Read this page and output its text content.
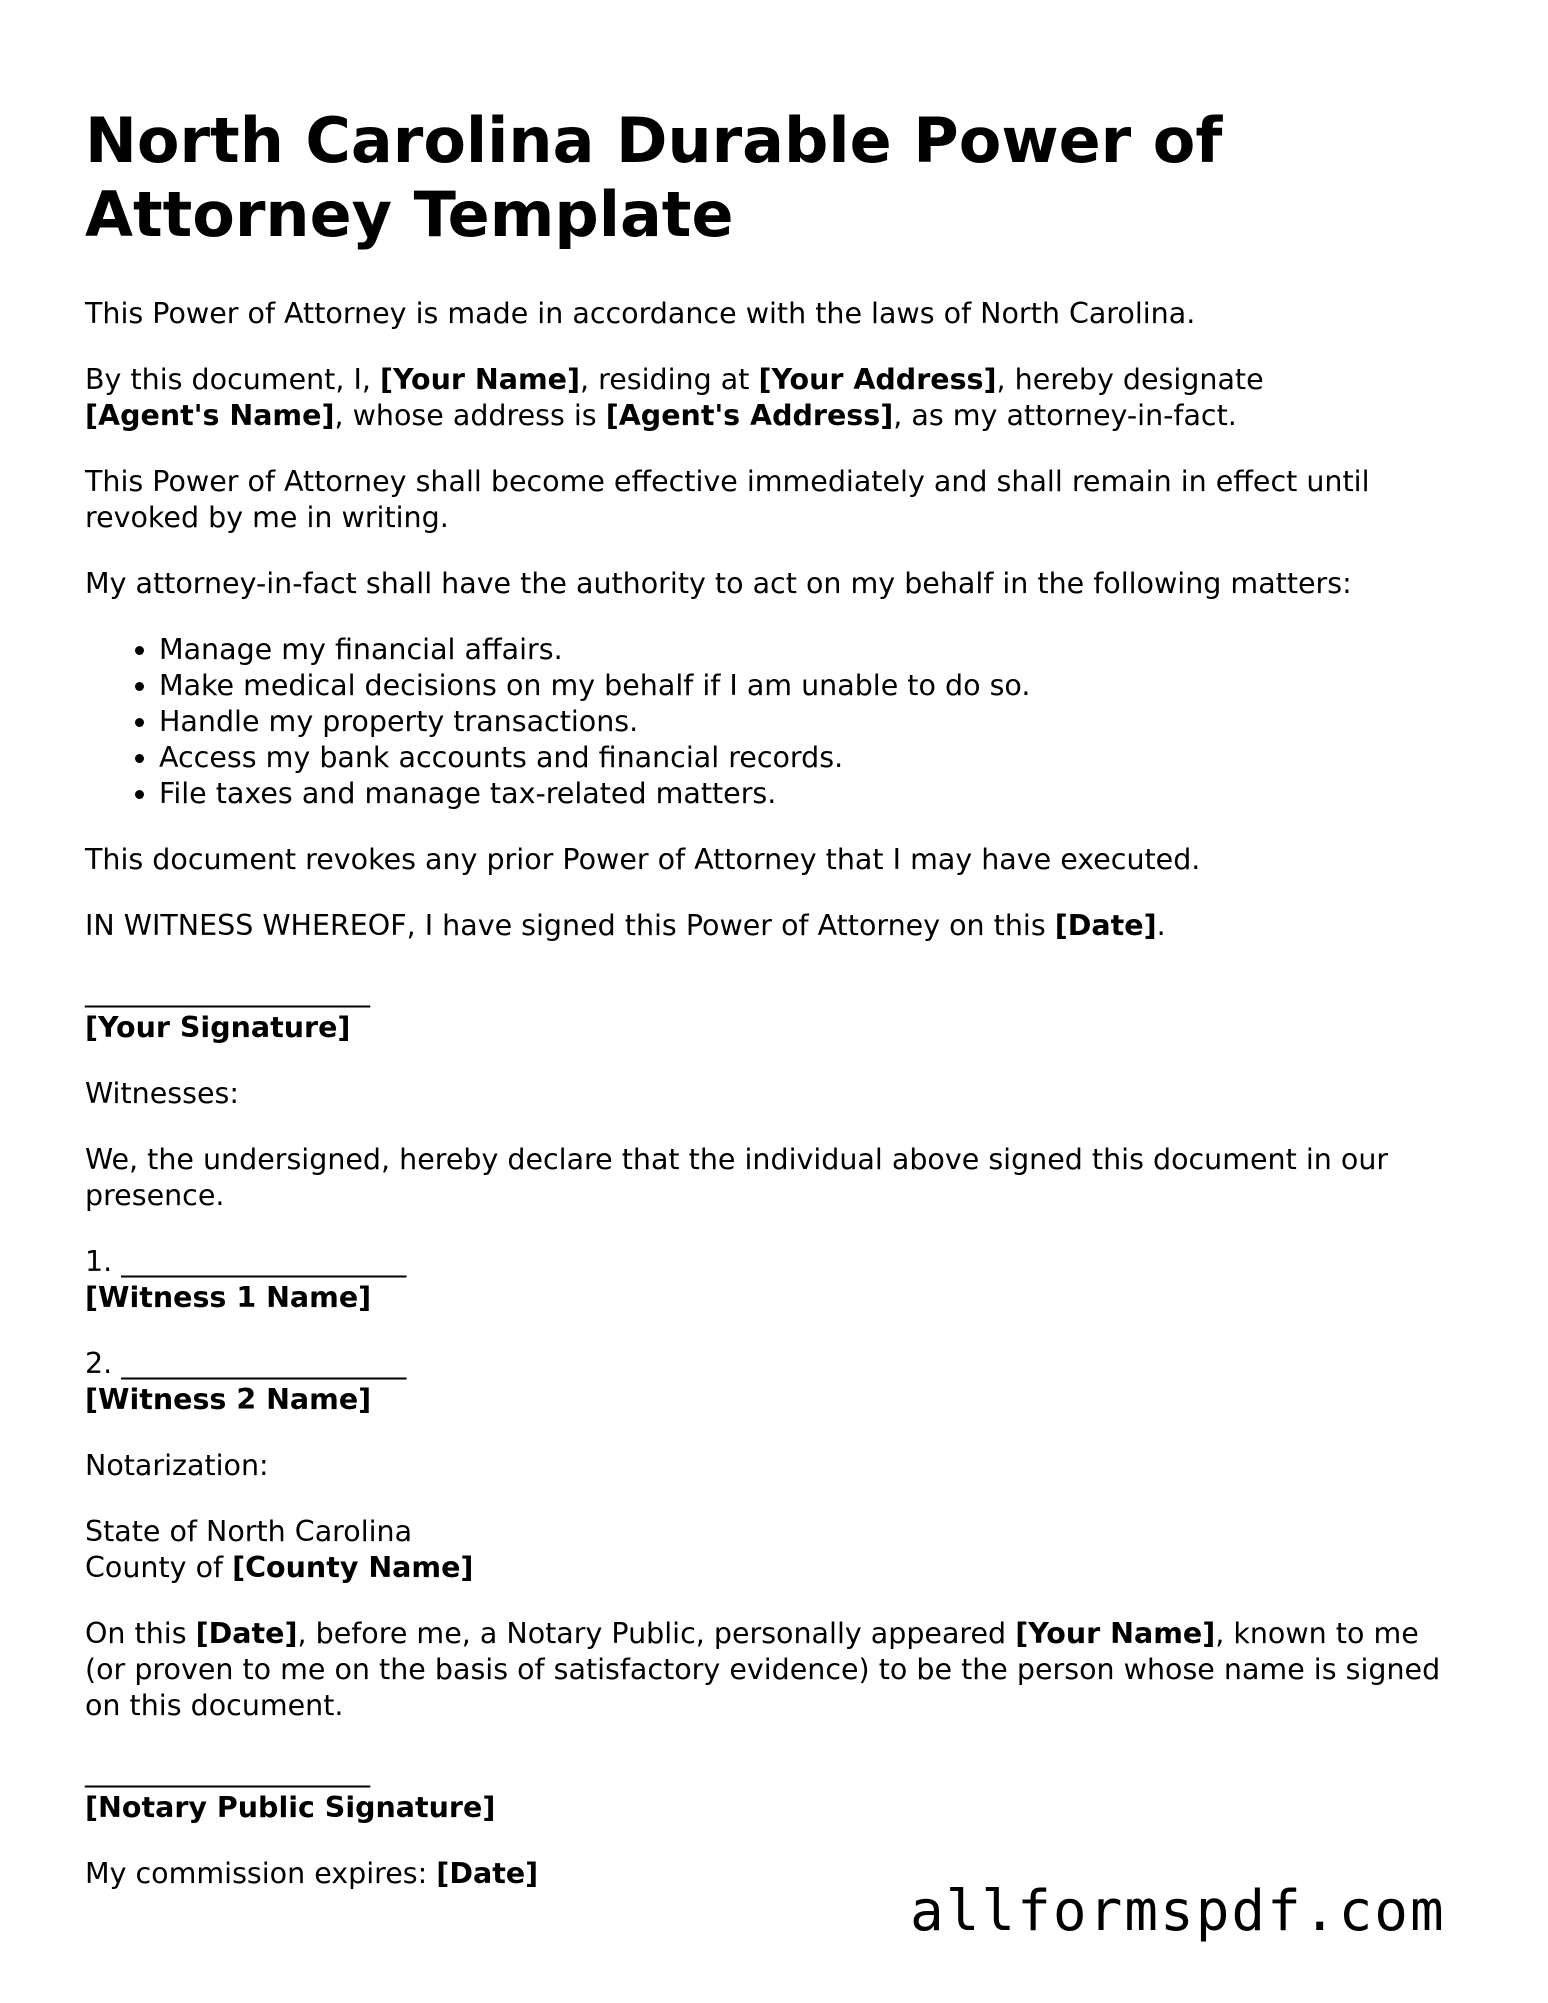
North Carolina Durable Power of Attorney Template

This Power of Attorney is made in accordance with the laws of North Carolina.

By this document, I, [Your Name], residing at [Your Address], hereby designate
[Agent's Name], whose address is [Agent's Address], as my attorney-in-fact.

This Power of Attorney shall become effective immediately and shall remain in effect until revoked by me in writing.

My attorney-in-fact shall have the authority to act on my behalf in the following matters:

• Manage my financial affairs.
• Make medical decisions on my behalf if I am unable to do so.
• Handle my property transactions.
• Access my bank accounts and financial records.
• File taxes and manage tax-related matters.

This document revokes any prior Power of Attorney that I may have executed.

IN WITNESS WHEREOF, I have signed this Power of Attorney on this [Date].

____________________
[Your Signature]

Witnesses:

We, the undersigned, hereby declare that the individual above signed this document in our presence.

1. ____________________
[Witness 1 Name]
2. ____________________
[Witness 2 Name]

Notarization:

State of North Carolina
County of [County Name]

On this [Date], before me, a Notary Public, personally appeared [Your Name], known to me (or proven to me on the basis of satisfactory evidence) to be the person whose name is signed on this document.

____________________
[Notary Public Signature]

My commission expires: [Date]

allformspdf.com
